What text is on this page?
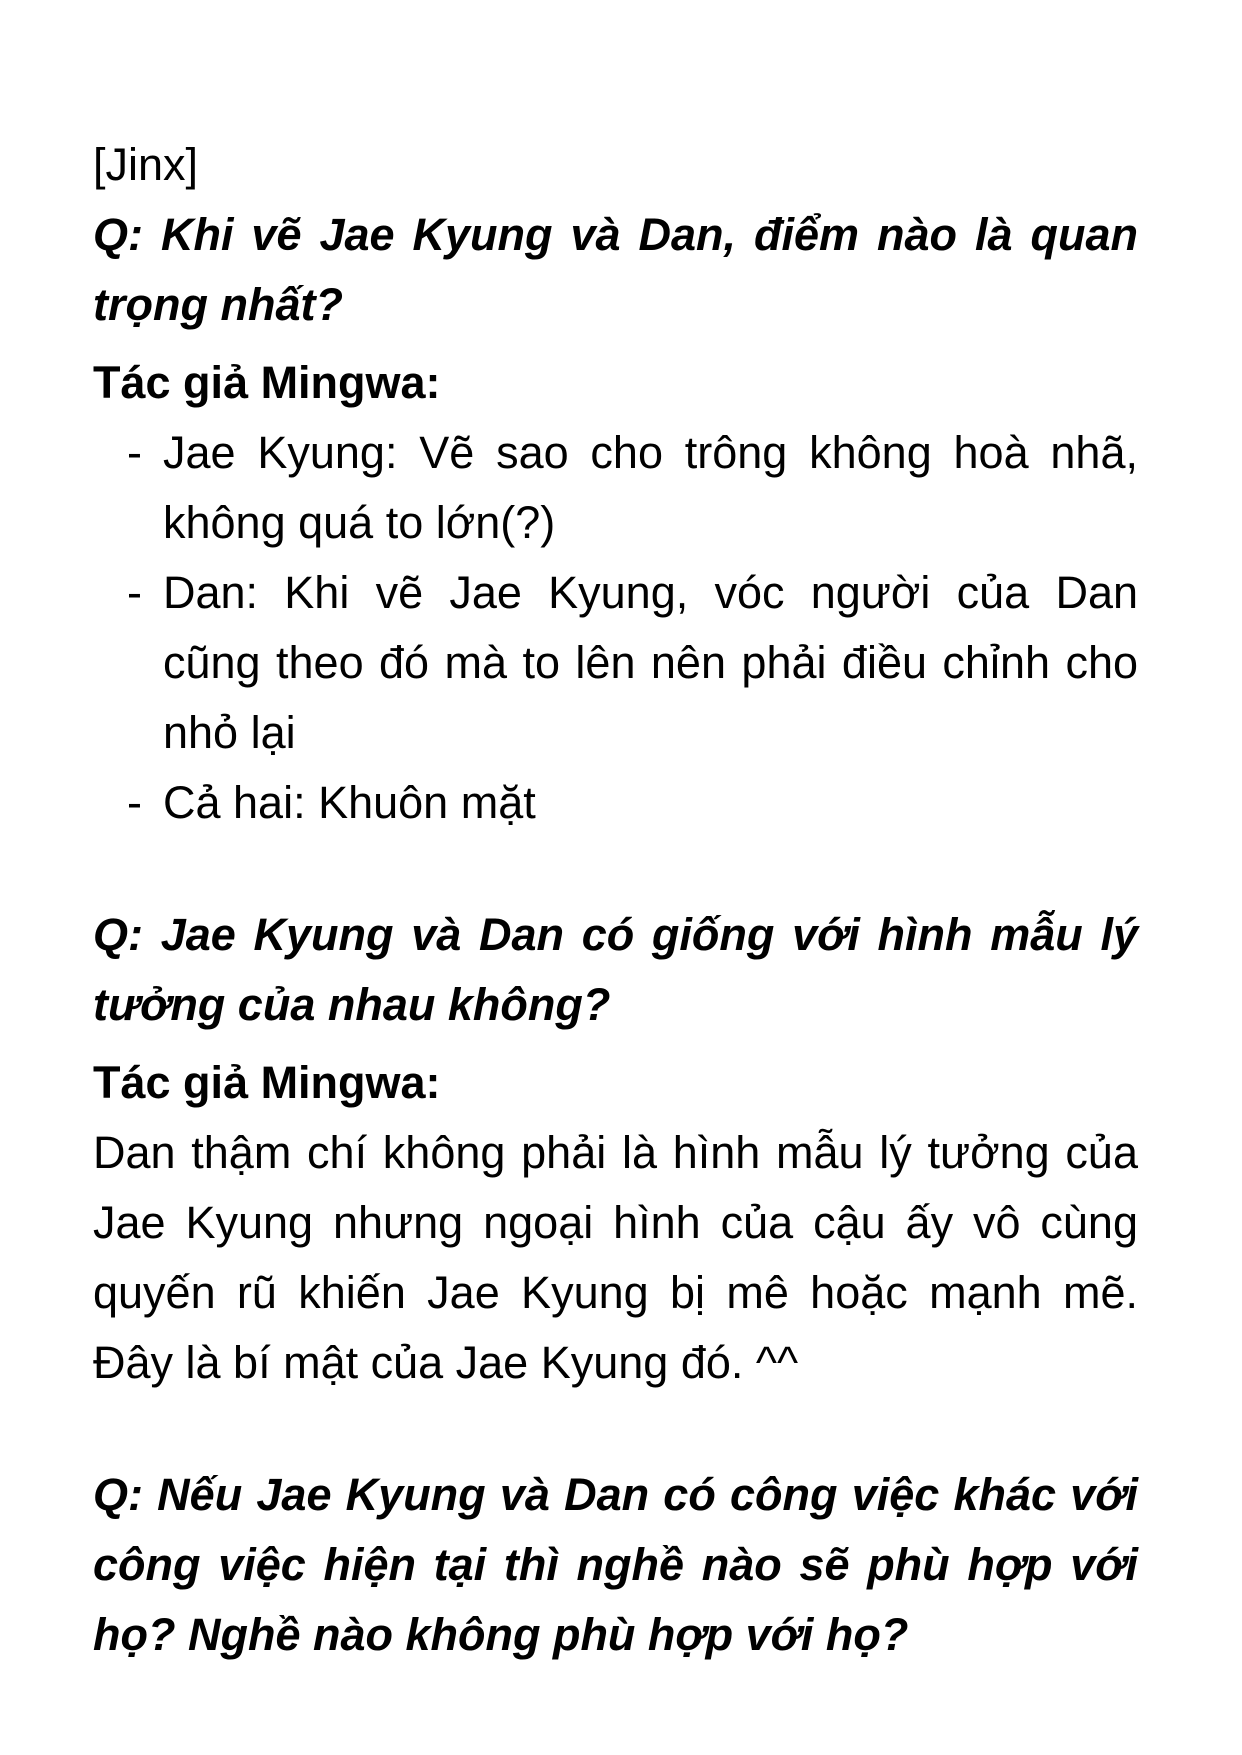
[Jinx]

Q: Khi vẽ Jae Kyung và Dan, điểm nào là quan trọng nhất?

Tác giả Mingwa:

- Jae Kyung: Vẽ sao cho trông không hoà nhã, không quá to lớn(?)
- Dan: Khi vẽ Jae Kyung, vóc người của Dan cũng theo đó mà to lên nên phải điều chỉnh cho nhỏ lại
- Cả hai: Khuôn mặt

Q: Jae Kyung và Dan có giống với hình mẫu lý tưởng của nhau không?

Tác giả Mingwa:

Dan thậm chí không phải là hình mẫu lý tưởng của Jae Kyung nhưng ngoại hình của cậu ấy vô cùng quyến rũ khiến Jae Kyung bị mê hoặc mạnh mẽ. Đây là bí mật của Jae Kyung đó. ^^

Q: Nếu Jae Kyung và Dan có công việc khác với công việc hiện tại thì nghề nào sẽ phù hợp với họ? Nghề nào không phù hợp với họ?
